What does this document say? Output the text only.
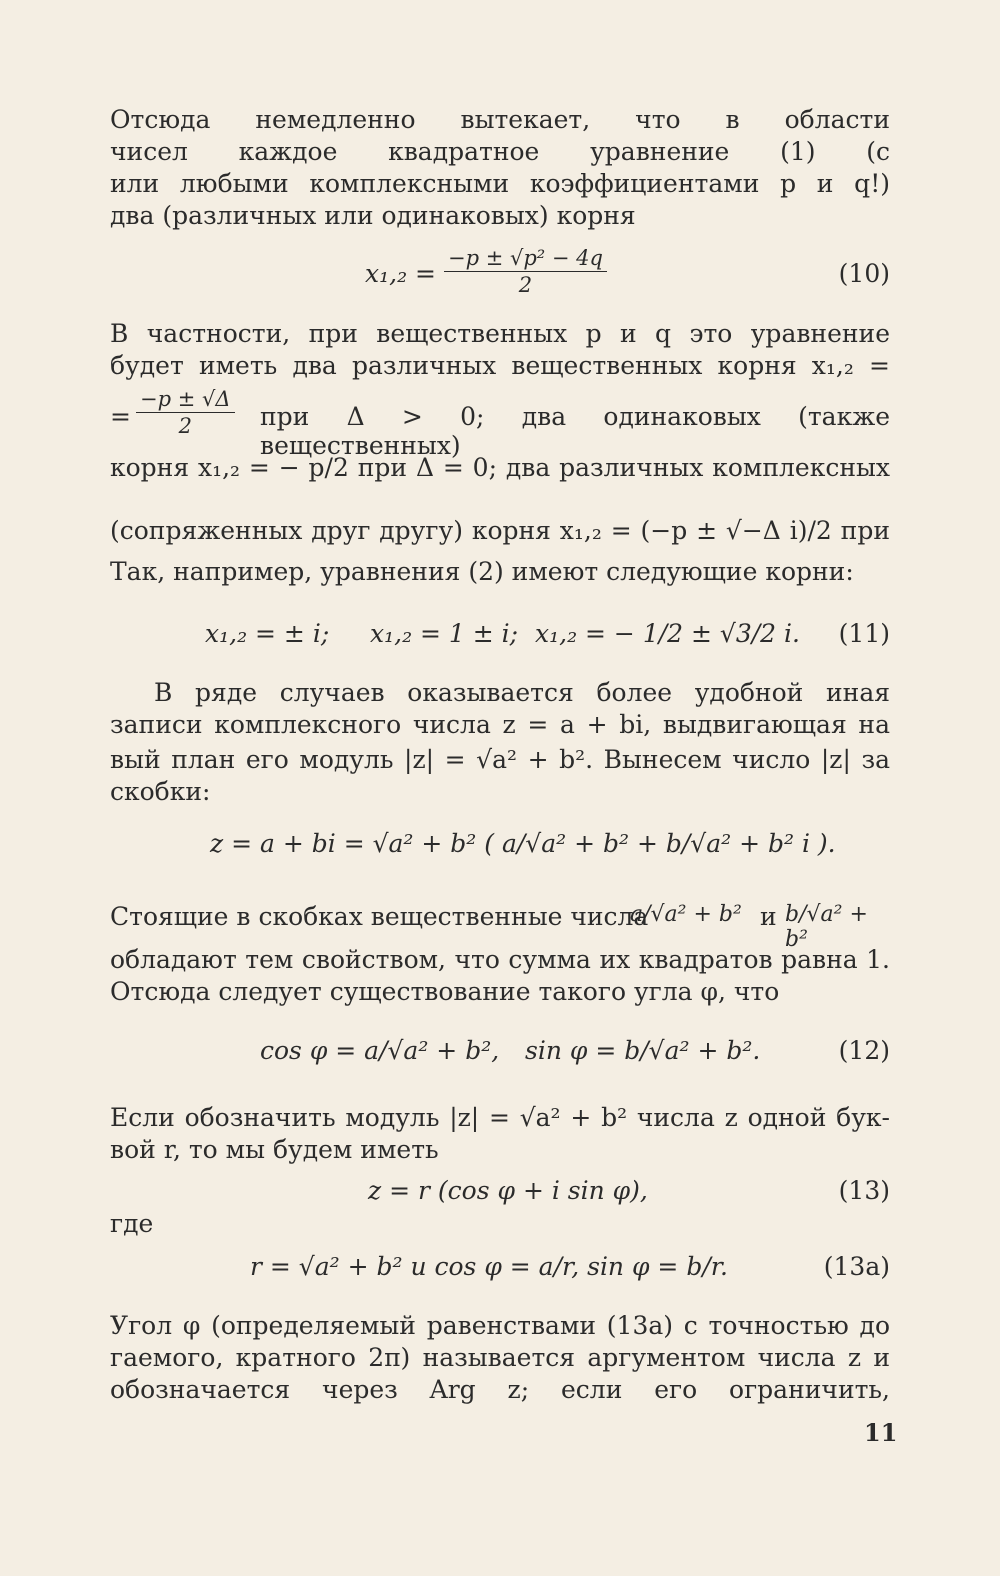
Отсюда немедленно вытекает, что в области
чисел каждое квадратное уравнение (1) (с
или любыми комплексными коэффициентами p и q!)
два (различных или одинаковых) корня
$x_1,_2 = \frac{\text{−p ± √p² − 4q}}{2}$	(10)
В частности, при вещественных p и q это уравнение
будет иметь два различных вещественных корня x₁,₂ =
= $\frac{-p \pm √\Delta}{2}$ при Δ > 0; два одинаковых (также вещественных)
корня x₁,₂ = − p/2 при Δ = 0; два различных комплексных
(сопряженных друг другу) корня x₁,₂ = (−p ± √−Δ i)/2 при
Так, например, уравнения (2) имеют следующие корни:
x₁,₂ = ± i; x₁,₂ = 1 ± i; x₁,₂ = − 1/2 ± √3/2 i. (11)
В ряде случаев оказывается более удобной иная
записи комплексного числа z = a + bi, выдвигающая на
вый план его модуль |z| = √a² + b². Вынесем число |z| за
скобки:
z = a + bi = √a² + b² ( a/√a² + b² + b/√a² + b² i ).
Стоящие в скобках вещественные числа
a/√a² + b² и b/√a² + b²
обладают тем свойством, что сумма их квадратов равна 1.
Отсюда следует существование такого угла φ, что
cos φ = a/√a² + b², sin φ = b/√a² + b².	(12)
Если обозначить модуль |z| = √a² + b² числа z одной бук-
вой r, то мы будем иметь
z = r (cos φ + i sin φ),	(13)
где
r = √a² + b² и cos φ = a/r, sin φ = b/r.	(13а)
Угол φ (определяемый равенствами (13а) с точностью до
гаемого, кратного 2π) называется аргументом числа z и
обозначается через Arg z; если его ограничить,
11
